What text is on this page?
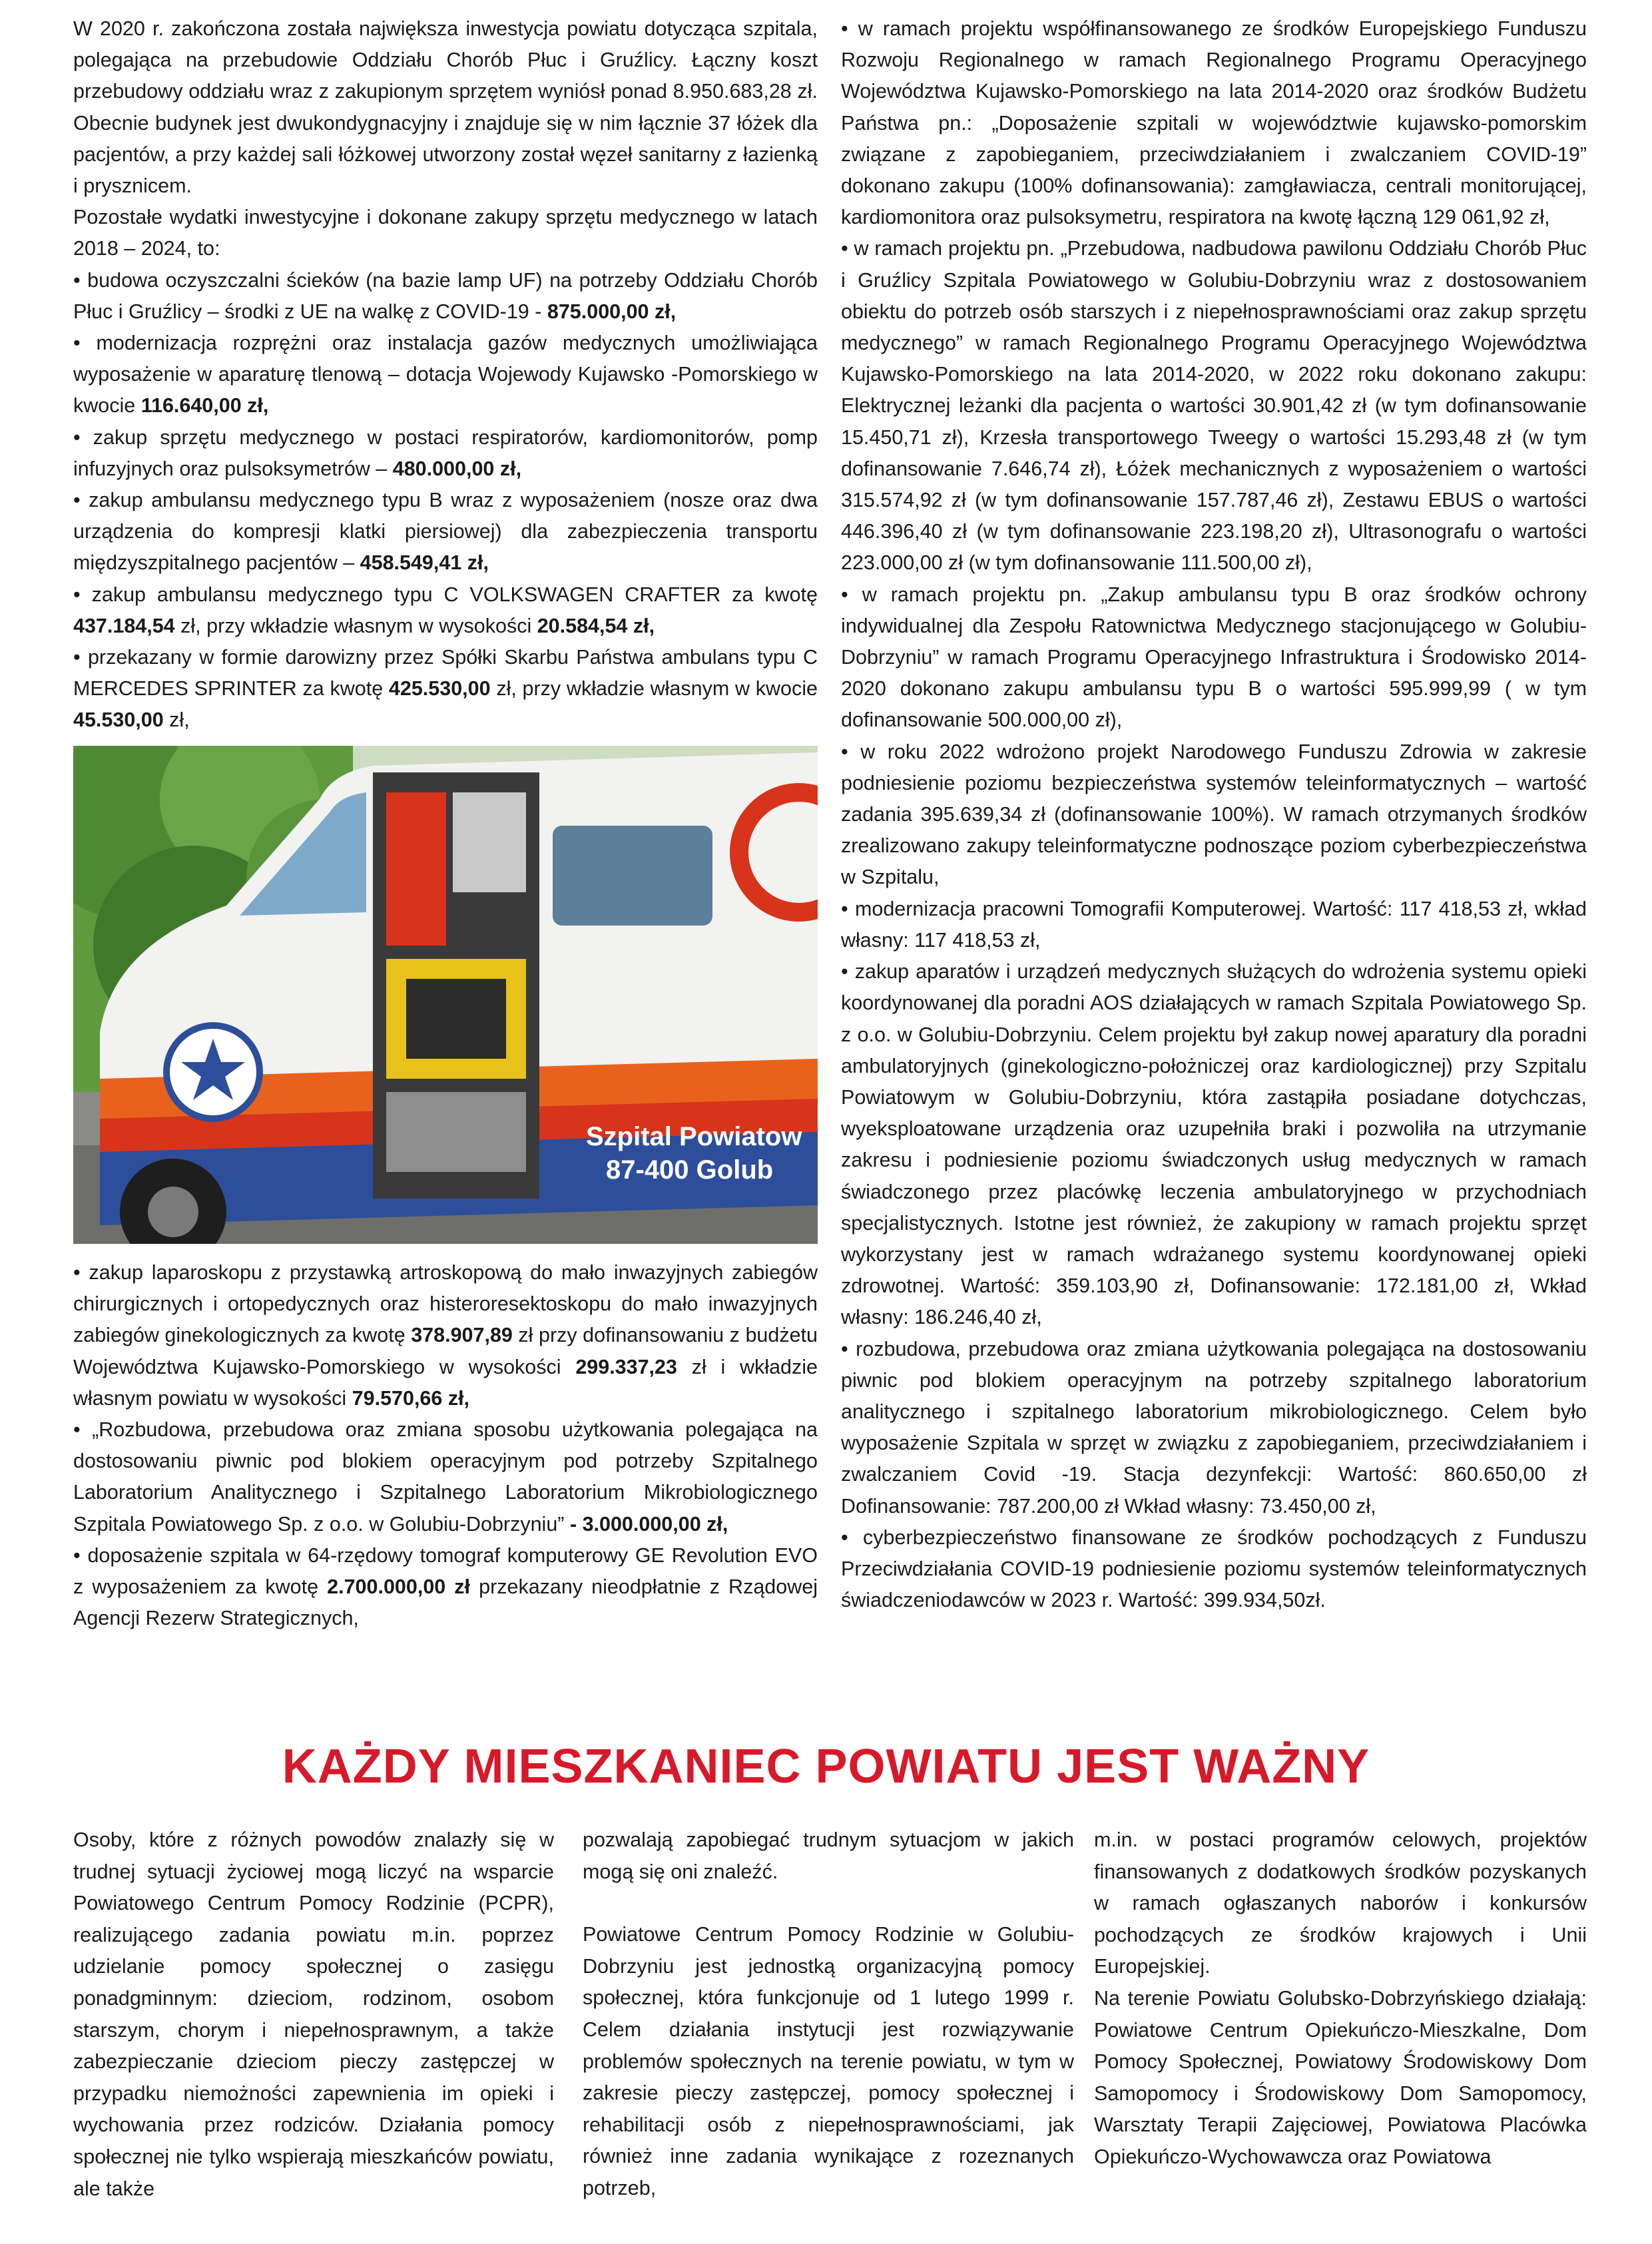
W 2020 r. zakończona została największa inwestycja powiatu dotycząca szpitala, polegająca na przebudowie Oddziału Chorób Płuc i Gruźlicy. Łączny koszt przebudowy oddziału wraz z zakupionym sprzętem wyniósł ponad 8.950.683,28 zł. Obecnie budynek jest dwukondygnacyjny i znajduje się w nim łącznie 37 łóżek dla pacjentów, a przy każdej sali łóżkowej utworzony został węzeł sanitarny z łazienką i prysznicem.

Pozostałe wydatki inwestycyjne i dokonane zakupy sprzętu medycznego w latach 2018 – 2024, to:

• budowa oczyszczalni ścieków (na bazie lamp UF) na potrzeby Oddziału Chorób Płuc i Gruźlicy – środki z UE na walkę z COVID-19 - 875.000,00 zł,

• modernizacja rozprężni oraz instalacja gazów medycznych umożliwiająca wyposażenie w aparaturę tlenową – dotacja Wojewody Kujawsko -Pomorskiego w kwocie 116.640,00 zł,

• zakup sprzętu medycznego w postaci respiratorów, kardiomonitorów, pomp infuzyjnych oraz pulsoksymetrów – 480.000,00 zł,

• zakup ambulansu medycznego typu B wraz z wyposażeniem (nosze oraz dwa urządzenia do kompresji klatki piersiowej) dla zabezpieczenia transportu międzyszpitalnego pacjentów – 458.549,41 zł,

• zakup ambulansu medycznego typu C VOLKSWAGEN CRAFTER za kwotę 437.184,54 zł, przy wkładzie własnym w wysokości 20.584,54 zł,

• przekazany w formie darowizny przez Spółki Skarbu Państwa ambulans typu C MERCEDES SPRINTER za kwotę 425.530,00 zł, przy wkładzie własnym w kwocie 45.530,00 zł,

Szpital Powiatow
87-400 Golub

• zakup laparoskopu z przystawką artroskopową do mało inwazyjnych zabiegów chirurgicznych i ortopedycznych oraz histeroresektoskopu do mało inwazyjnych zabiegów ginekologicznych za kwotę 378.907,89 zł przy dofinansowaniu z budżetu Województwa Kujawsko-Pomorskiego w wysokości 299.337,23 zł i wkładzie własnym powiatu w wysokości 79.570,66 zł,

• „Rozbudowa, przebudowa oraz zmiana sposobu użytkowania polegająca na dostosowaniu piwnic pod blokiem operacyjnym pod potrzeby Szpitalnego Laboratorium Analitycznego i Szpitalnego Laboratorium Mikrobiologicznego Szpitala Powiatowego Sp. z o.o. w Golubiu-Dobrzyniu” - 3.000.000,00 zł,

• doposażenie szpitala w 64-rzędowy tomograf komputerowy GE Revolution EVO z wyposażeniem za kwotę 2.700.000,00 zł przekazany nieodpłatnie z Rządowej Agencji Rezerw Strategicznych,

• w ramach projektu współfinansowanego ze środków Europejskiego Funduszu Rozwoju Regionalnego w ramach Regionalnego Programu Operacyjnego Województwa Kujawsko-Pomorskiego na lata 2014-2020 oraz środków Budżetu Państwa pn.: „Doposażenie szpitali w województwie kujawsko-pomorskim związane z zapobieganiem, przeciwdziałaniem i zwalczaniem COVID-19” dokonano zakupu (100% dofinansowania): zamgławiacza, centrali monitorującej, kardiomonitora oraz pulsoksymetru, respiratora na kwotę łączną 129 061,92 zł,

• w ramach projektu pn. „Przebudowa, nadbudowa pawilonu Oddziału Chorób Płuc i Gruźlicy Szpitala Powiatowego w Golubiu-Dobrzyniu wraz z dostosowaniem obiektu do potrzeb osób starszych i z niepełnosprawnościami oraz zakup sprzętu medycznego” w ramach Regionalnego Programu Operacyjnego Województwa Kujawsko-Pomorskiego na lata 2014-2020, w 2022 roku dokonano zakupu: Elektrycznej leżanki dla pacjenta o wartości 30.901,42 zł (w tym dofinansowanie 15.450,71 zł), Krzesła transportowego Tweegy o wartości 15.293,48 zł (w tym dofinansowanie 7.646,74 zł), Łóżek mechanicznych z wyposażeniem o wartości 315.574,92 zł (w tym dofinansowanie 157.787,46 zł), Zestawu EBUS o wartości 446.396,40 zł (w tym dofinansowanie 223.198,20 zł), Ultrasonografu o wartości 223.000,00 zł (w tym dofinansowanie 111.500,00 zł),

• w ramach projektu pn. „Zakup ambulansu typu B oraz środków ochrony indywidualnej dla Zespołu Ratownictwa Medycznego stacjonującego w Golubiu-Dobrzyniu” w ramach Programu Operacyjnego Infrastruktura i Środowisko 2014-2020 dokonano zakupu ambulansu typu B o wartości 595.999,99 ( w tym dofinansowanie 500.000,00 zł),

• w roku 2022 wdrożono projekt Narodowego Funduszu Zdrowia w zakresie podniesienie poziomu bezpieczeństwa systemów teleinformatycznych – wartość zadania 395.639,34 zł (dofinansowanie 100%). W ramach otrzymanych środków zrealizowano zakupy teleinformatyczne podnoszące poziom cyberbezpieczeństwa w Szpitalu,

• modernizacja pracowni Tomografii Komputerowej. Wartość: 117 418,53 zł, wkład własny: 117 418,53 zł,

• zakup aparatów i urządzeń medycznych służących do wdrożenia systemu opieki koordynowanej dla poradni AOS działających w ramach Szpitala Powiatowego Sp. z o.o. w Golubiu-Dobrzyniu. Celem projektu był zakup nowej aparatury dla poradni ambulatoryjnych (ginekologiczno-położniczej oraz kardiologicznej) przy Szpitalu Powiatowym w Golubiu-Dobrzyniu, która zastąpiła posiadane dotychczas, wyeksploatowane urządzenia oraz uzupełniła braki i pozwoliła na utrzymanie zakresu i podniesienie poziomu świadczonych usług medycznych w ramach świadczonego przez placówkę leczenia ambulatoryjnego w przychodniach specjalistycznych. Istotne jest również, że zakupiony w ramach projektu sprzęt wykorzystany jest w ramach wdrażanego systemu koordynowanej opieki zdrowotnej. Wartość: 359.103,90 zł, Dofinansowanie: 172.181,00 zł, Wkład własny: 186.246,40 zł,

• rozbudowa, przebudowa oraz zmiana użytkowania polegająca na dostosowaniu piwnic pod blokiem operacyjnym na potrzeby szpitalnego laboratorium analitycznego i szpitalnego laboratorium mikrobiologicznego. Celem było wyposażenie Szpitala w sprzęt w związku z zapobieganiem, przeciwdziałaniem i zwalczaniem Covid -19. Stacja dezynfekcji: Wartość: 860.650,00 zł Dofinansowanie: 787.200,00 zł Wkład własny: 73.450,00 zł,

• cyberbezpieczeństwo finansowane ze środków pochodzących z Funduszu Przeciwdziałania COVID-19 podniesienie poziomu systemów teleinformatycznych świadczeniodawców w 2023 r. Wartość: 399.934,50zł.

KAŻDY MIESZKANIEC POWIATU JEST WAŻNY

Osoby, które z różnych powodów znalazły się w trudnej sytuacji życiowej mogą liczyć na wsparcie Powiatowego Centrum Pomocy Rodzinie (PCPR), realizującego zadania powiatu m.in. poprzez udzielanie pomocy społecznej o zasięgu ponadgminnym: dzieciom, rodzinom, osobom starszym, chorym i niepełnosprawnym, a także zabezpieczanie dzieciom pieczy zastępczej w przypadku niemożności zapewnienia im opieki i wychowania przez rodziców. Działania pomocy społecznej nie tylko wspierają mieszkańców powiatu, ale także

pozwalają zapobiegać trudnym sytuacjom w jakich mogą się oni znaleźć.

Powiatowe Centrum Pomocy Rodzinie w Golubiu-Dobrzyniu jest jednostką organizacyjną pomocy społecznej, która funkcjonuje od 1 lutego 1999 r. Celem działania instytucji jest rozwiązywanie problemów społecznych na terenie powiatu, w tym w zakresie pieczy zastępczej, pomocy społecznej i rehabilitacji osób z niepełnosprawnościami, jak również inne zadania wynikające z rozeznanych potrzeb,

m.in. w postaci programów celowych, projektów finansowanych z dodatkowych środków pozyskanych w ramach ogłaszanych naborów i konkursów pochodzących ze środków krajowych i Unii Europejskiej.

Na terenie Powiatu Golubsko-Dobrzyńskiego działają: Powiatowe Centrum Opiekuńczo-Mieszkalne, Dom Pomocy Społecznej, Powiatowy Środowiskowy Dom Samopomocy i Środowiskowy Dom Samopomocy, Warsztaty Terapii Zajęciowej, Powiatowa Placówka Opiekuńczo-Wychowawcza oraz Powiatowa
